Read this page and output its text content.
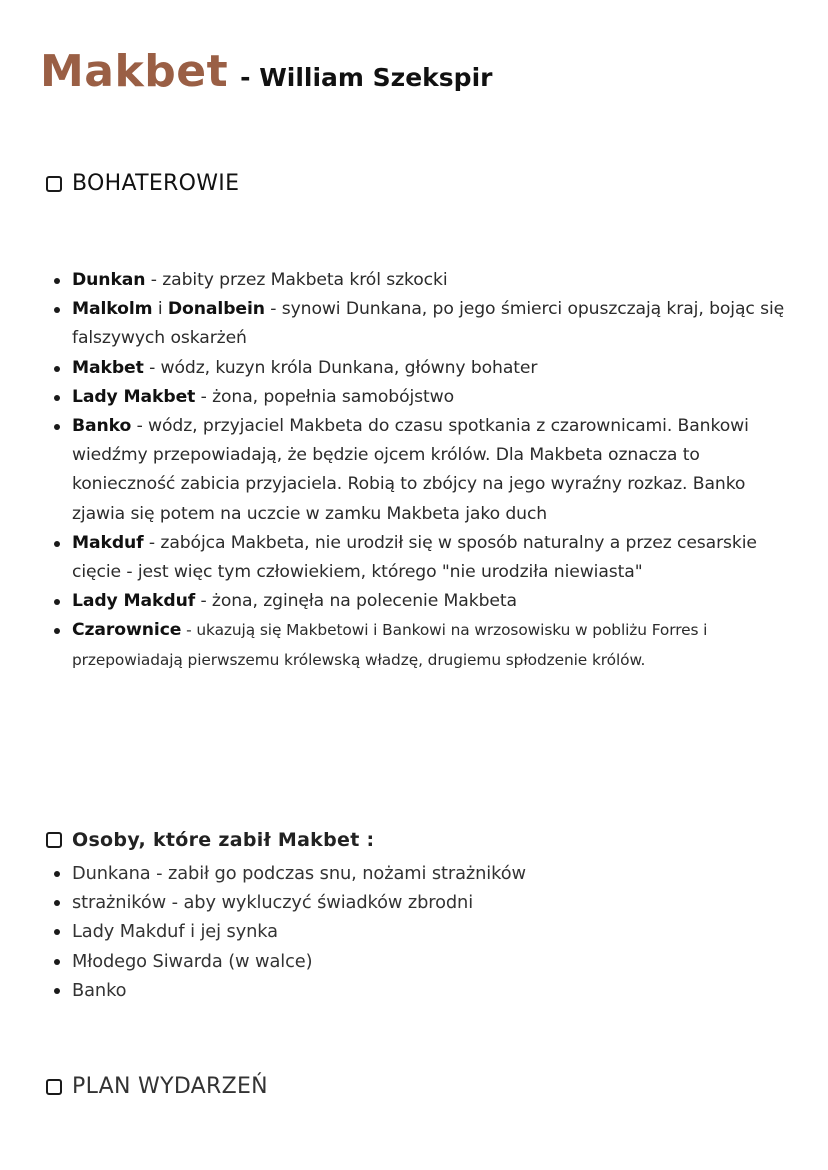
Makbet - William Szekspir
BOHATEROWIE
Dunkan - zabity przez Makbeta król szkocki
Malkolm i Donalbein - synowi Dunkana, po jego śmierci opuszczają kraj, bojąc się falszywych oskarżeń
Makbet - wódz, kuzyn króla Dunkana, główny bohater
Lady Makbet - żona, popełnia samobójstwo
Banko - wódz, przyjaciel Makbeta do czasu spotkania z czarownicami. Bankowi wiedźmy przepowiadają, że będzie ojcem królów. Dla Makbeta oznacza to konieczność zabicia przyjaciela. Robią to zbójcy na jego wyraźny rozkaz. Banko zjawia się potem na uczcie w zamku Makbeta jako duch
Makduf - zabójca Makbeta, nie urodził się w sposób naturalny a przez cesarskie cięcie - jest więc tym człowiekiem, którego "nie urodziła niewiasta"
Lady Makduf - żona, zginęła na polecenie Makbeta
Czarownice - ukazują się Makbetowi i Bankowi na wrzosowisku w pobliżu Forres i przepowiadają pierwszemu królewską władzę, drugiemu spłodzenie królów.
Osoby, które zabił Makbet :
Dunkana - zabił go podczas snu, nożami strażników
strażników - aby wykluczyć świadków zbrodni
Lady Makduf i jej synka
Młodego Siwarda (w walce)
Banko
PLAN WYDARZEŃ
